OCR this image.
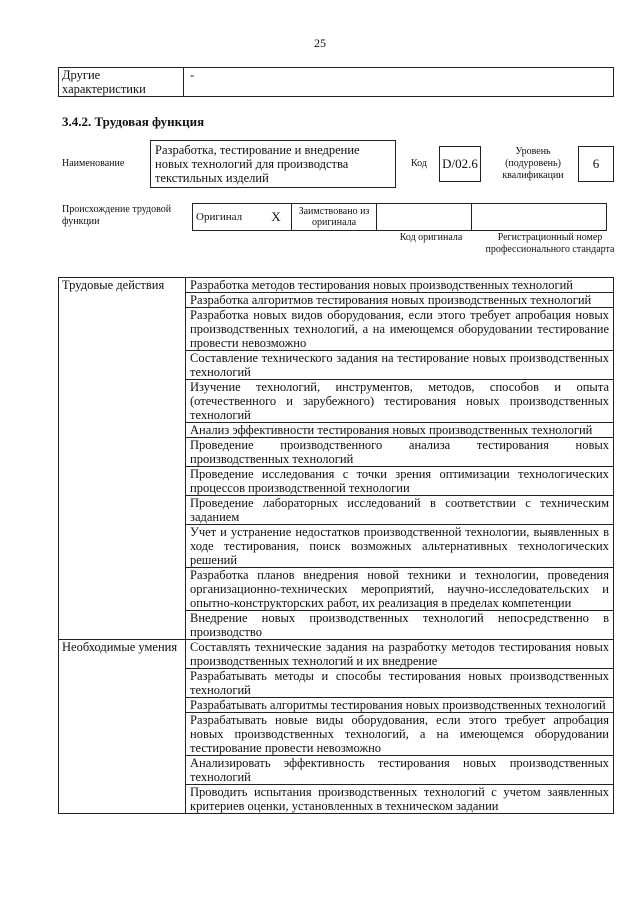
25
Другие характеристики	-
3.4.2. Трудовая функция
Наименование
Разработка, тестирование и внедрение новых технологий для производства текстильных изделий
Код D/02.6
Уровень (подуровень) квалификации
6
Происхождение трудовой функции	Оригинал	X	Заимствовано из оригинала		
Код оригинала	Регистрационный номер профессионального стандарта
Трудовые действия	Разработка методов тестирования новых производственных технологий
	Разработка алгоритмов тестирования новых производственных технологий
	Разработка новых видов оборудования, если этого требует апробация новых производственных технологий, а на имеющемся оборудовании тестирование провести невозможно
	Составление технического задания на тестирование новых производственных технологий
	Изучение технологий, инструментов, методов, способов и опыта (отечественного и зарубежного) тестирования новых производственных технологий
	Анализ эффективности тестирования новых производственных технологий
	Проведение производственного анализа тестирования новых производственных технологий
	Проведение исследования с точки зрения оптимизации технологических процессов производственной технологии
	Проведение лабораторных исследований в соответствии с техническим заданием
	Учет и устранение недостатков производственной технологии, выявленных в ходе тестирования, поиск возможных альтернативных технологических решений
	Разработка планов внедрения новой техники и технологии, проведения организационно-технических мероприятий, научно-исследовательских и опытно-конструкторских работ, их реализация в пределах компетенции
	Внедрение новых производственных технологий непосредственно в производство
Необходимые умения	Составлять технические задания на разработку методов тестирования новых производственных технологий и их внедрение
	Разрабатывать методы и способы тестирования новых производственных технологий
	Разрабатывать алгоритмы тестирования новых производственных технологий
	Разрабатывать новые виды оборудования, если этого требует апробация новых производственных технологий, а на имеющемся оборудовании тестирование провести невозможно
	Анализировать эффективность тестирования новых производственных технологий
	Проводить испытания производственных технологий с учетом заявленных критериев оценки, установленных в техническом задании
